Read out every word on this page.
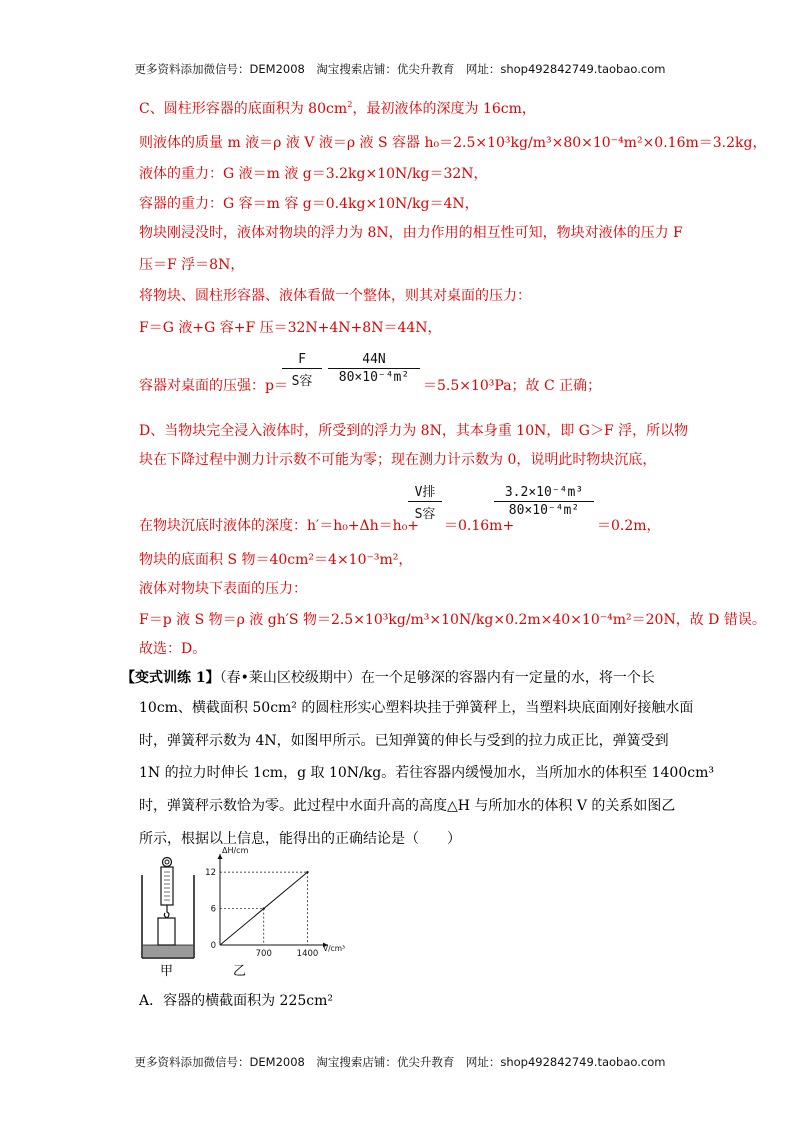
更多资料添加微信号：DEM2008　淘宝搜索店铺：优尖升教育　网址：shop492842749.taobao.com
C、圆柱形容器的底面积为 $80cm^2$，最初液体的深度为 16cm，
则液体的质量 m 液＝ρ 液 V 液＝ρ 液 S 容器 h₀＝2.5×10³kg/m³×80×10⁻⁴m²×0.16m＝3.2kg，
液体的重力：G 液＝m 液 g＝3.2kg×10N/kg＝32N，
容器的重力：G 容＝m 容 g＝0.4kg×10N/kg＝4N，
物块刚浸没时，液体对物块的浮力为 8N，由力作用的相互性可知，物块对液体的压力 F
压＝F 浮＝8N，
将物块、圆柱形容器、液体看做一个整体，则其对桌面的压力：
F＝G 液+G 容+F 压＝32N+4N+8N＝44N，
容器对桌面的压强：p＝
F
S容
44N
80×10⁻⁴m²
＝5.5×10³Pa；故 C 正确；
D、当物块完全浸入液体时，所受到的浮力为 8N，其本身重 10N，即 G＞F 浮，所以物
块在下降过程中测力计示数不可能为零；现在测力计示数为 0，说明此时物块沉底，
在物块沉底时液体的深度：h′＝h₀+Δh＝h₀+
V排
S容
＝0.16m+
3.2×10⁻⁴m³
80×10⁻⁴m²
＝0.2m，
物块的底面积 S 物＝40cm²＝4×10⁻³m²，
液体对物块下表面的压力：
F＝p 液 S 物＝ρ 液 gh′S 物＝2.5×10³kg/m³×10N/kg×0.2m×40×10⁻⁴m²＝20N，故 D 错误。
故选：D。
【变式训练 1】（春•莱山区校级期中）在一个足够深的容器内有一定量的水，将一个长
10cm、横截面积 50cm² 的圆柱形实心塑料块挂于弹簧秤上，当塑料块底面刚好接触水面
时，弹簧秤示数为 4N，如图甲所示。已知弹簧的伸长与受到的拉力成正比，弹簧受到
1N 的拉力时伸长 1cm，g 取 10N/kg。若往容器内缓慢加水，当所加水的体积至 1400cm³
时，弹簧秤示数恰为零。此过程中水面升高的高度△H 与所加水的体积 V 的关系如图乙
所示，根据以上信息，能得出的正确结论是（　　）
甲
ΔH/cm
V/cm³
700	1400
0
6
12
乙
A．容器的横截面积为 225cm²
更多资料添加微信号：DEM2008　淘宝搜索店铺：优尖升教育　网址：shop492842749.taobao.com
